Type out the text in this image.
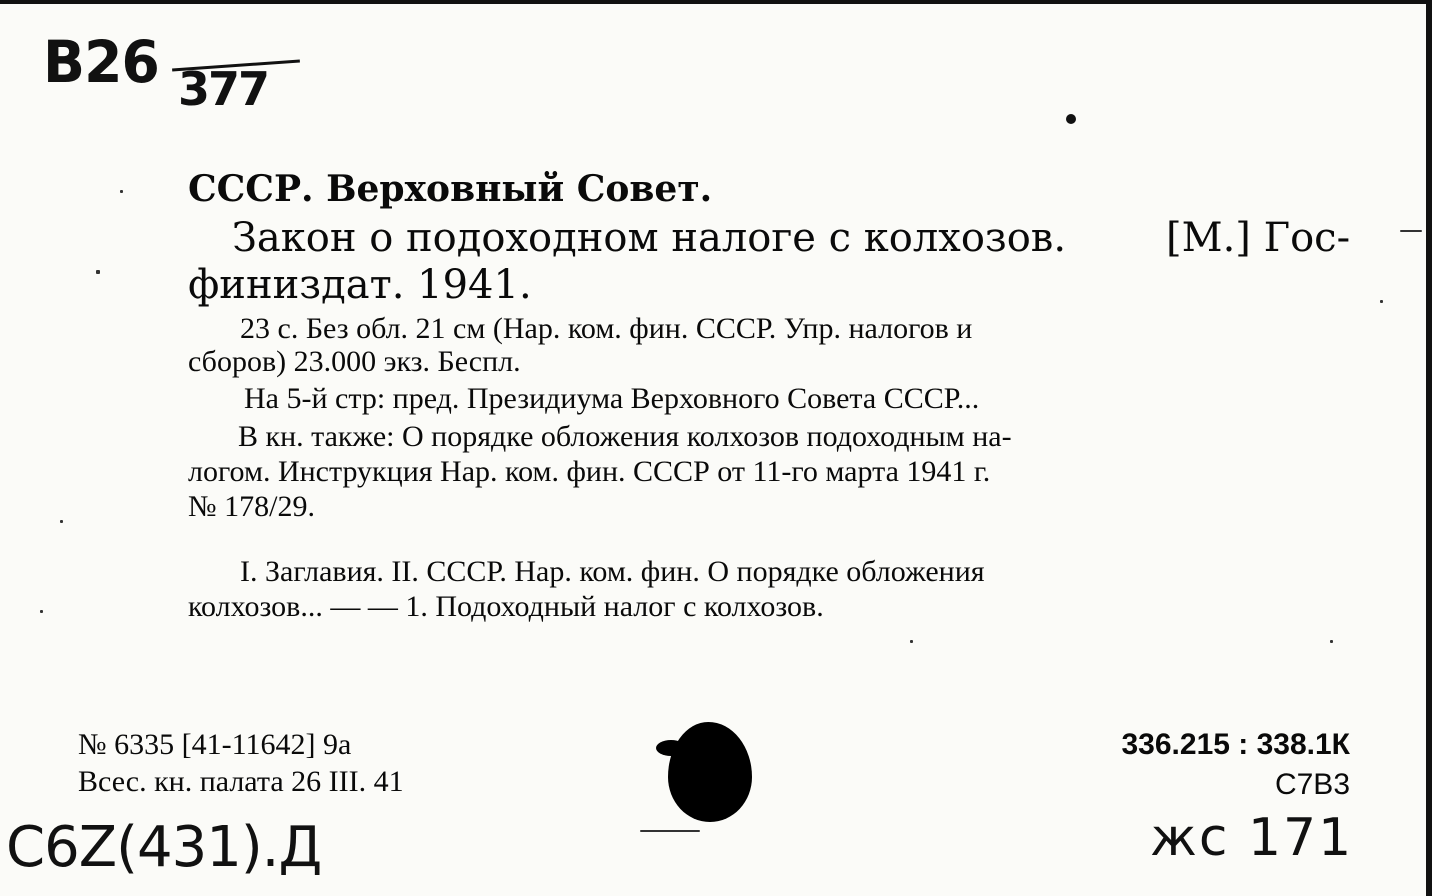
B26 377
СССР. Верховный Совет.
Закон о подоходном налоге с колхозов. [М.] Гос-
финиздат. 1941.
23 с. Без обл. 21 см (Нар. ком. фин. СССР. Упр. налогов и
сборов) 23.000 экз. Беспл.
На 5-й стр: пред. Президиума Верховного Совета СССР...
В кн. также: О порядке обложения колхозов подоходным на-
логом. Инструкция Нар. ком. фин. СССР от 11-го марта 1941 г.
№ 178/29.
I. Заглавия. II. СССР. Нар. ком. фин. О порядке обложения
колхозов... — — 1. Подоходный налог с колхозов.
№ 6335 [41-11642] 9а
Всес. кн. палата 26 III. 41
336.215 : 338.1К
С7В3
C6Z(431).Д	жс 171
